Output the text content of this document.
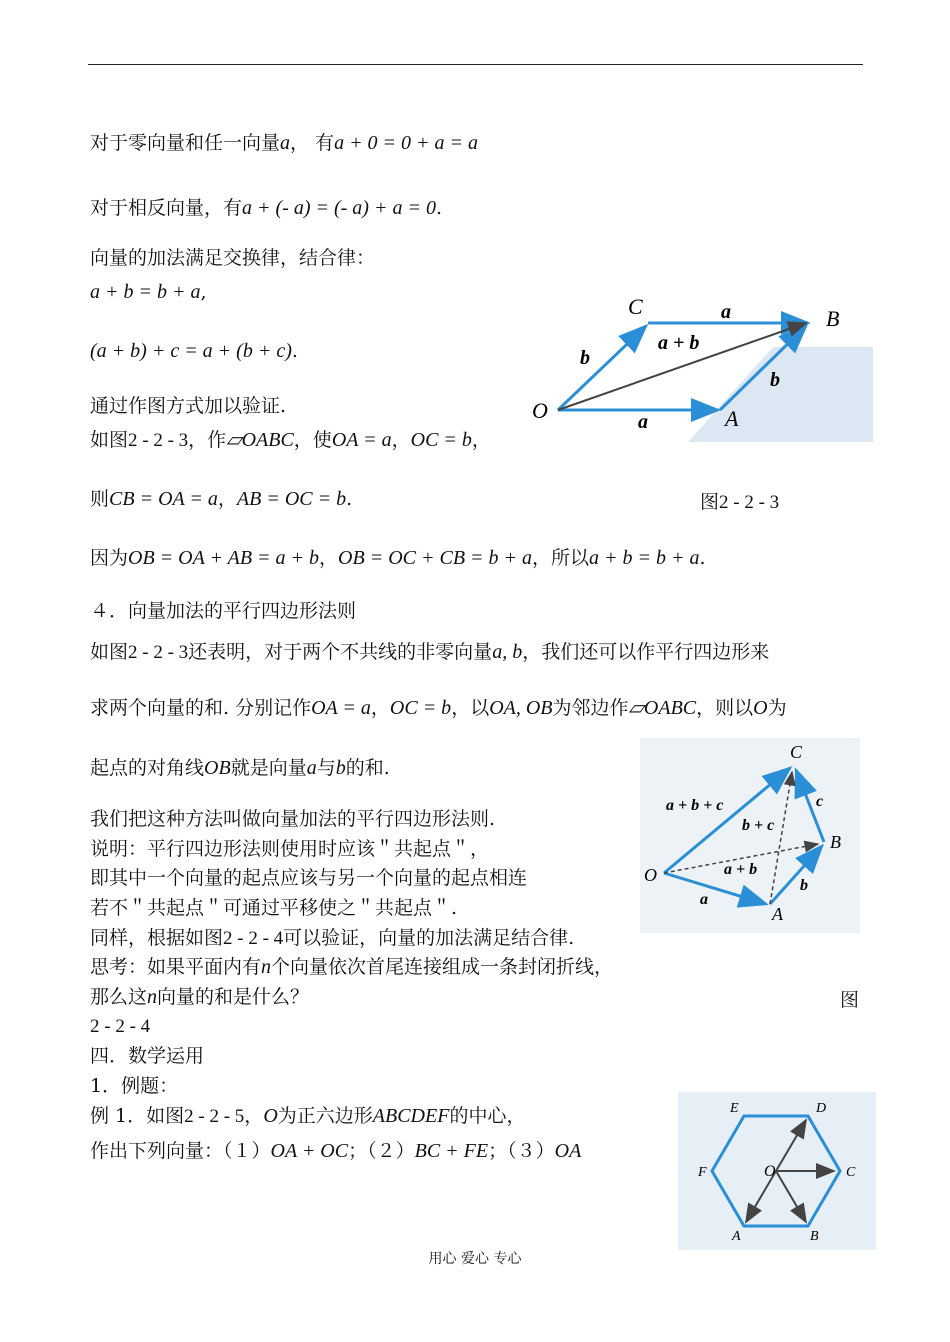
对于零向量和任一向量a， 有a + 0 = 0 + a = a
对于相反向量，有a + (- a) = (- a) + a = 0.
向量的加法满足交换律，结合律：
a + b = b + a,
(a + b) + c = a + (b + c).
通过作图方式加以验证.
如图2 - 2 - 3，作▱OABC，使OA = a，OC = b，
则CB = OA = a，AB = OC = b.	图2 - 2 - 3
因为OB = OA + AB = a + b，OB = OC + CB = b + a，所以a + b = b + a.
４．向量加法的平行四边形法则
如图2 - 2 - 3还表明，对于两个不共线的非零向量a, b，我们还可以作平行四边形来
求两个向量的和. 分别记作OA = a，OC = b，以OA, OB为邻边作▱OABC，则以O为
起点的对角线OB就是向量a与b的和.
我们把这种方法叫做向量加法的平行四边形法则.
说明：平行四边形法则使用时应该＂共起点＂，
即其中一个向量的起点应该与另一个向量的起点相连
若不＂共起点＂可通过平移使之＂共起点＂.
同样，根据如图2 - 2 - 4可以验证，向量的加法满足结合律.
思考：如果平面内有n个向量依次首尾连接组成一条封闭折线，
那么这n向量的和是什么？	图
2 - 2 - 4
四．数学运用
1．例题：
例 1．如图2 - 2 - 5，O为正六边形ABCDEF的中心，
作出下列向量：（１）OA + OC；（２）BC + FE；（３）OA
O	A
B
C	a
a
b
b
a + b
O
A
B
C
a
b
c
a + b
b + c
a + b + c
O
A	B
C
D
E
F
用心 爱心 专心
